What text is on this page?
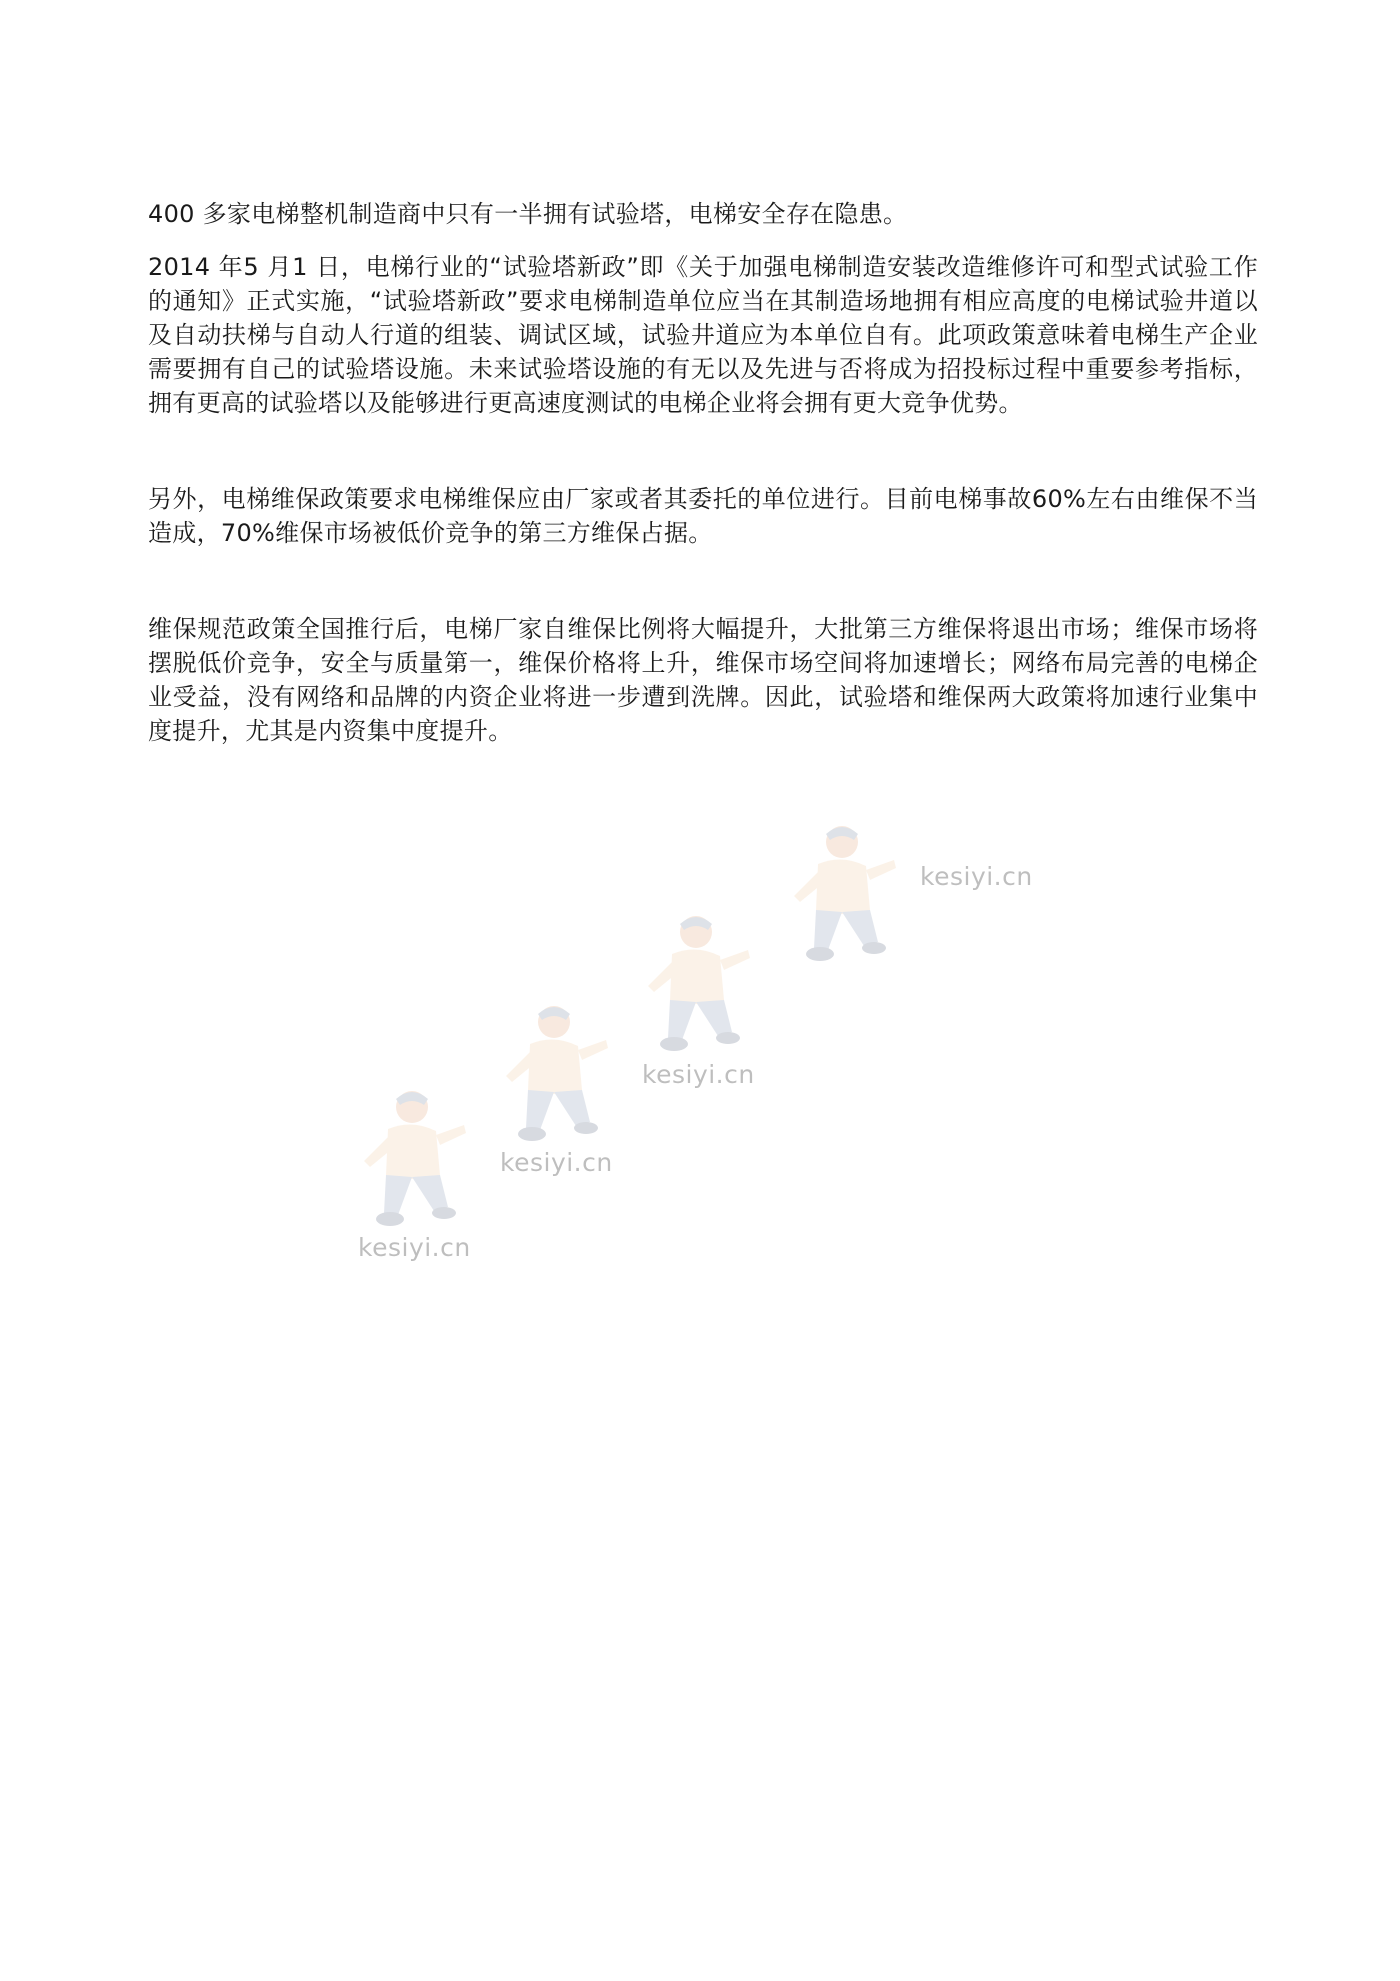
400 多家电梯整机制造商中只有一半拥有试验塔，电梯安全存在隐患。

2014 年5 月1 日，电梯行业的“试验塔新政”即《关于加强电梯制造安装改造维修许可和型式试验工作的通知》正式实施，“试验塔新政”要求电梯制造单位应当在其制造场地拥有相应高度的电梯试验井道以及自动扶梯与自动人行道的组装、调试区域，试验井道应为本单位自有。此项政策意味着电梯生产企业需要拥有自己的试验塔设施。未来试验塔设施的有无以及先进与否将成为招投标过程中重要参考指标，拥有更高的试验塔以及能够进行更高速度测试的电梯企业将会拥有更大竞争优势。

另外，电梯维保政策要求电梯维保应由厂家或者其委托的单位进行。目前电梯事故60%左右由维保不当造成，70%维保市场被低价竞争的第三方维保占据。

维保规范政策全国推行后，电梯厂家自维保比例将大幅提升，大批第三方维保将退出市场；维保市场将摆脱低价竞争，安全与质量第一，维保价格将上升，维保市场空间将加速增长；网络布局完善的电梯企业受益，没有网络和品牌的内资企业将进一步遭到洗牌。因此，试验塔和维保两大政策将加速行业集中度提升，尤其是内资集中度提升。

kesiyi.cn
kesiyi.cn
kesiyi.cn
kesiyi.cn
